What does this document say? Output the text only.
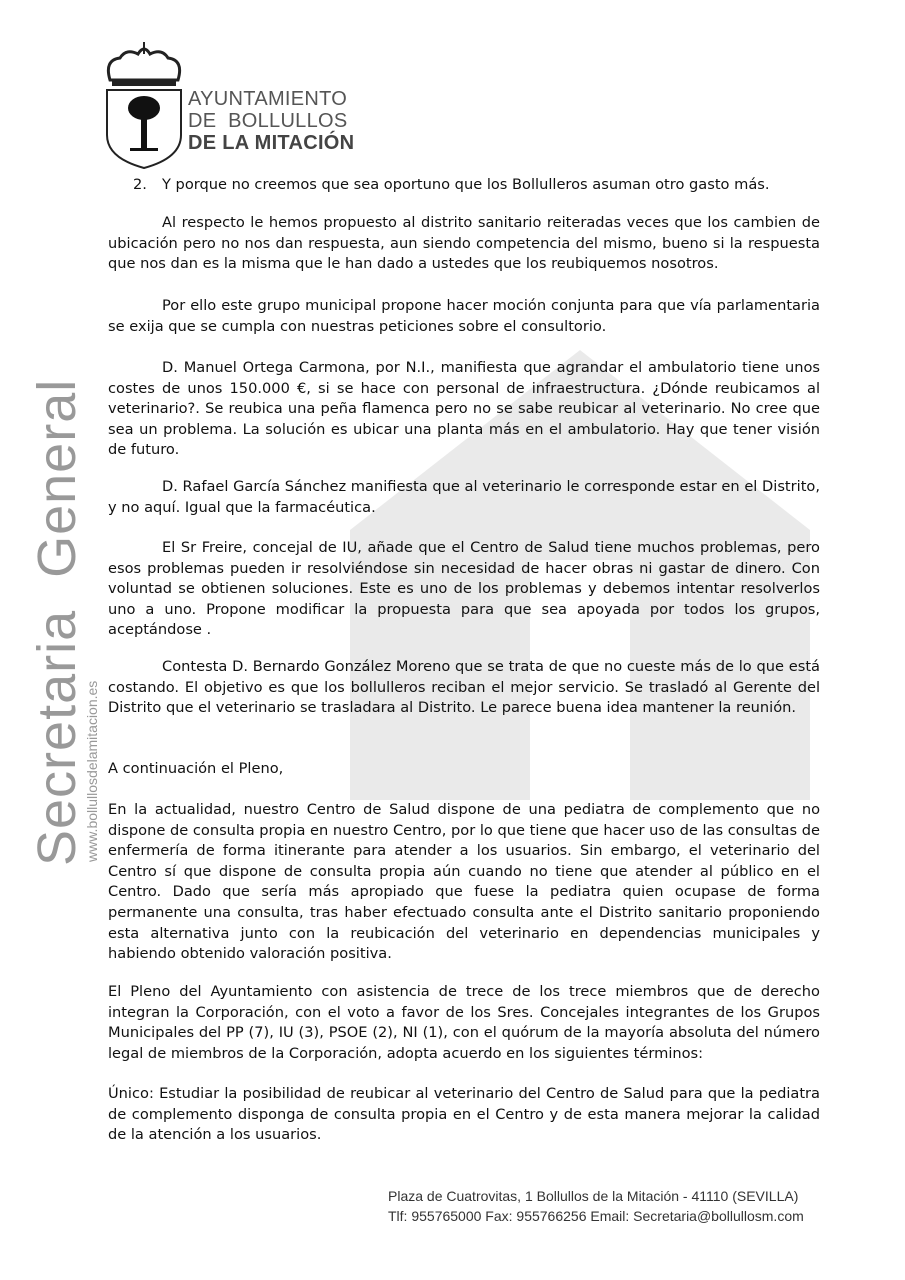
AYUNTAMIENTO
DE  BOLLULLOS
DE LA MITACIÓN
Secretaria  General
www.bollullosdelamitacion.es
2. Y porque no creemos que sea oportuno que los Bollulleros asuman otro gasto más.
Al respecto le hemos propuesto al distrito sanitario reiteradas veces que los cambien de ubicación pero no nos dan respuesta, aun siendo competencia del mismo, bueno si la respuesta que nos dan es la misma que le han dado a ustedes que los reubiquemos nosotros.
Por ello este grupo municipal propone hacer moción conjunta para que vía parlamentaria se exija que se cumpla con nuestras peticiones sobre el consultorio.
D. Manuel Ortega Carmona, por N.I., manifiesta que agrandar el ambulatorio tiene unos costes de unos 150.000 €, si se hace con personal de infraestructura. ¿Dónde reubicamos al veterinario?. Se reubica una peña flamenca pero no se sabe reubicar al veterinario. No cree que sea un problema. La solución es ubicar una planta más en el ambulatorio. Hay que tener visión de futuro.
D. Rafael García Sánchez manifiesta que al veterinario le corresponde estar en el Distrito, y no aquí. Igual que la farmacéutica.
El Sr Freire, concejal de IU, añade que el Centro de Salud tiene muchos problemas, pero esos problemas pueden ir resolviéndose sin necesidad de hacer obras ni gastar de dinero. Con voluntad se obtienen soluciones. Este es uno de los problemas y debemos intentar resolverlos uno a uno. Propone modificar la propuesta para que sea apoyada por todos los grupos, aceptándose .
Contesta D. Bernardo González Moreno que se trata de que no cueste más de lo que está costando. El objetivo es que los bollulleros reciban el mejor servicio. Se trasladó al Gerente del Distrito que el veterinario se trasladara al Distrito. Le parece buena idea mantener la reunión.
A continuación el Pleno,
En la actualidad, nuestro Centro de Salud dispone de una pediatra de complemento que no dispone de consulta propia en nuestro Centro, por lo que tiene que hacer uso de las consultas de enfermería de forma itinerante para atender a los usuarios. Sin embargo, el veterinario del Centro sí que dispone de consulta propia aún cuando no tiene que atender al público en el Centro. Dado que sería más apropiado que fuese la pediatra quien ocupase de forma permanente una consulta, tras haber efectuado consulta ante el Distrito sanitario proponiendo esta alternativa junto con la reubicación del veterinario en dependencias municipales y habiendo obtenido valoración positiva.
El Pleno del Ayuntamiento con asistencia de trece de los trece miembros que de derecho integran la Corporación, con el voto a favor de los Sres. Concejales integrantes de los Grupos Municipales del PP (7), IU (3), PSOE (2), NI (1), con el quórum de la mayoría absoluta del número legal de miembros de la Corporación, adopta acuerdo en los siguientes términos:
Único: Estudiar la posibilidad de reubicar al veterinario del Centro de Salud para que la pediatra de complemento disponga de consulta propia en el Centro y de esta manera mejorar la calidad de la atención a los usuarios.
Plaza de Cuatrovitas, 1 Bollullos de la Mitación - 41110 (SEVILLA)
Tlf: 955765000 Fax: 955766256 Email: Secretaria@bollullosm.com
